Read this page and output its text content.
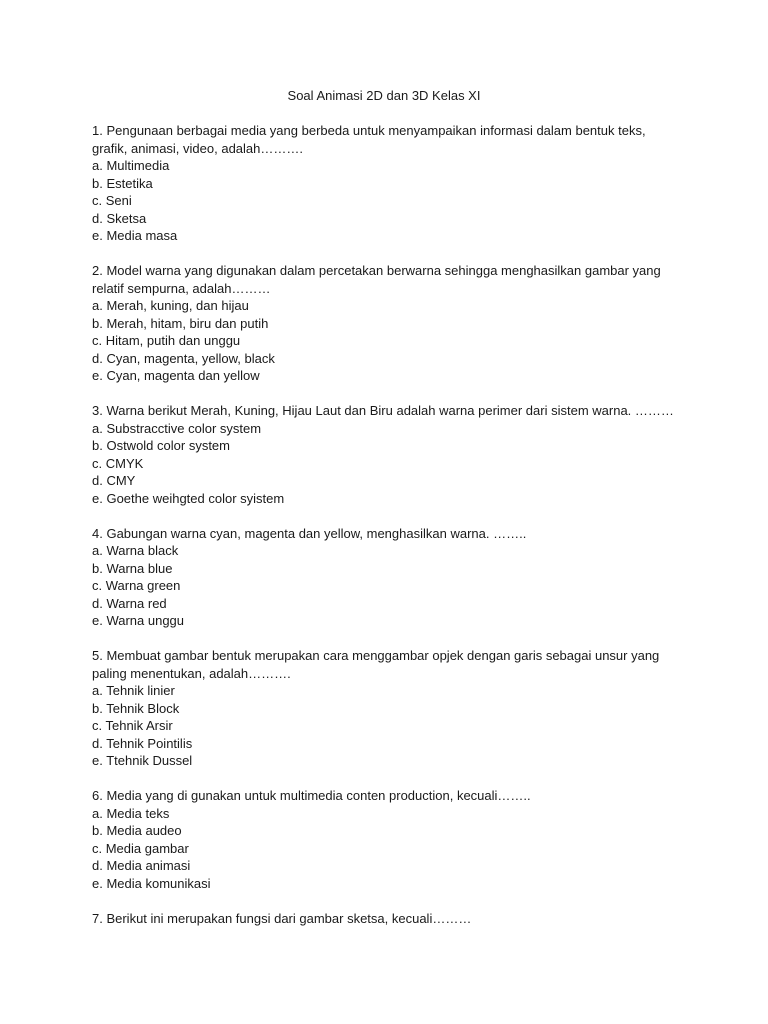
Soal Animasi 2D dan 3D Kelas XI
1. Pengunaan berbagai media yang berbeda untuk menyampaikan informasi dalam bentuk teks,
grafik, animasi, video, adalah……….
a. Multimedia
b. Estetika
c. Seni
d. Sketsa
e. Media masa
2. Model warna yang digunakan dalam percetakan berwarna sehingga menghasilkan gambar yang
relatif sempurna, adalah………
a. Merah, kuning, dan hijau
b. Merah, hitam, biru dan putih
c. Hitam, putih dan unggu
d. Cyan, magenta, yellow, black
e. Cyan, magenta dan yellow
3. Warna berikut Merah, Kuning, Hijau Laut dan Biru adalah warna perimer dari sistem warna. ………
a. Substracctive color system
b. Ostwold color system
c. CMYK
d. CMY
e. Goethe weihgted color syistem
4. Gabungan warna cyan, magenta dan yellow, menghasilkan warna. ……..
a. Warna black
b. Warna blue
c. Warna green
d. Warna red
e. Warna unggu
5. Membuat gambar bentuk merupakan cara menggambar opjek dengan garis sebagai unsur yang
paling menentukan, adalah……….
a. Tehnik linier
b. Tehnik Block
c. Tehnik Arsir
d. Tehnik Pointilis
e. Ttehnik Dussel
6. Media yang di gunakan untuk multimedia conten production, kecuali……..
a. Media teks
b. Media audeo
c. Media gambar
d. Media animasi
e. Media komunikasi
7. Berikut ini merupakan fungsi dari gambar sketsa, kecuali………
